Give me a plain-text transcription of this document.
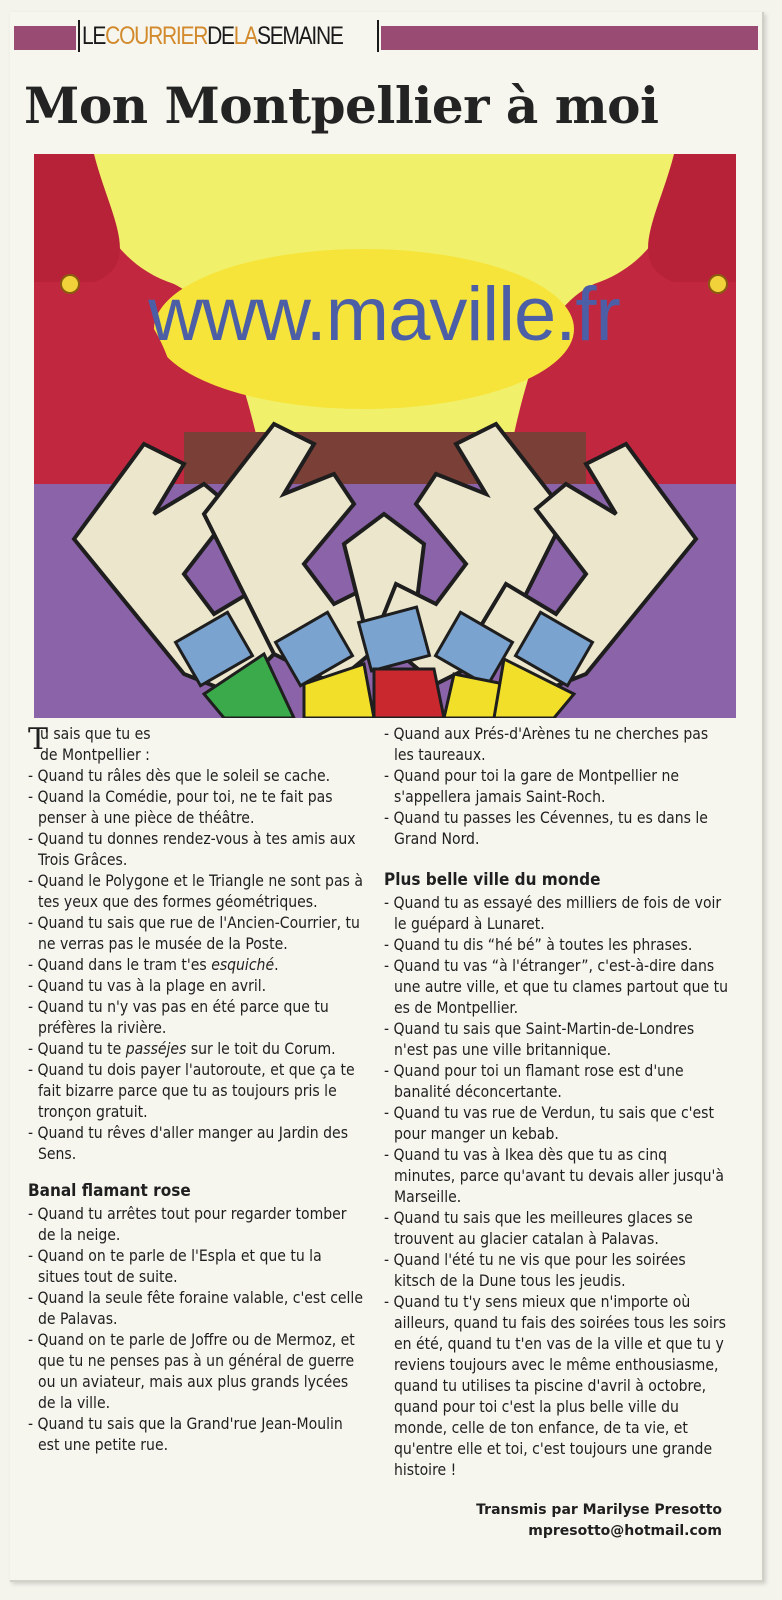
LECOURRIERDELASEMAINE
Mon Montpellier à moi
www.maville.fr

T
u sais que tu es
de Montpellier :

- Quand tu râles dès que le soleil se cache.

- Quand la Comédie, pour toi, ne te fait pas penser à une pièce de théâtre.

- Quand tu donnes rendez-vous à tes amis aux Trois Grâces.

- Quand le Polygone et le Triangle ne sont pas à tes yeux que des formes géométriques.

- Quand tu sais que rue de l'Ancien-Courrier, tu ne verras pas le musée de la Poste.

- Quand dans le tram t'es esquiché.

- Quand tu vas à la plage en avril.

- Quand tu n'y vas pas en été parce que tu préfères la rivière.

- Quand tu te passéjes sur le toit du Corum.

- Quand tu dois payer l'autoroute, et que ça te fait bizarre parce que tu as toujours pris le tronçon gratuit.

- Quand tu rêves d'aller manger au Jardin des Sens.

Banal flamant rose

- Quand tu arrêtes tout pour regarder tomber de la neige.

- Quand on te parle de l'Espla et que tu la situes tout de suite.

- Quand la seule fête foraine valable, c'est celle de Palavas.

- Quand on te parle de Joffre ou de Mermoz, et que tu ne penses pas à un général de guerre ou un aviateur, mais aux plus grands lycées de la ville.

- Quand tu sais que la Grand'rue Jean-Moulin est une petite rue.

- Quand aux Prés-d'Arènes tu ne cherches pas les taureaux.

- Quand pour toi la gare de Montpellier ne s'appellera jamais Saint-Roch.

- Quand tu passes les Cévennes, tu es dans le Grand Nord.

Plus belle ville du monde

- Quand tu as essayé des milliers de fois de voir le guépard à Lunaret.

- Quand tu dis “hé bé” à toutes les phrases.

- Quand tu vas “à l'étranger”, c'est-à-dire dans une autre ville, et que tu clames partout que tu es de Montpellier.

- Quand tu sais que Saint-Martin-de-Londres n'est pas une ville britannique.

- Quand pour toi un flamant rose est d'une banalité déconcertante.

- Quand tu vas rue de Verdun, tu sais que c'est pour manger un kebab.

- Quand tu vas à Ikea dès que tu as cinq minutes, parce qu'avant tu devais aller jusqu'à Marseille.

- Quand tu sais que les meilleures glaces se trouvent au glacier catalan à Palavas.

- Quand l'été tu ne vis que pour les soirées kitsch de la Dune tous les jeudis.

- Quand tu t'y sens mieux que n'importe où ailleurs, quand tu fais des soirées tous les soirs en été, quand tu t'en vas de la ville et que tu y reviens toujours avec le même enthousiasme, quand tu utilises ta piscine d'avril à octobre, quand pour toi c'est la plus belle ville du monde, celle de ton enfance, de ta vie, et qu'entre elle et toi, c'est toujours une grande histoire !

Transmis par Marilyse Presotto
mpresotto@hotmail.com
